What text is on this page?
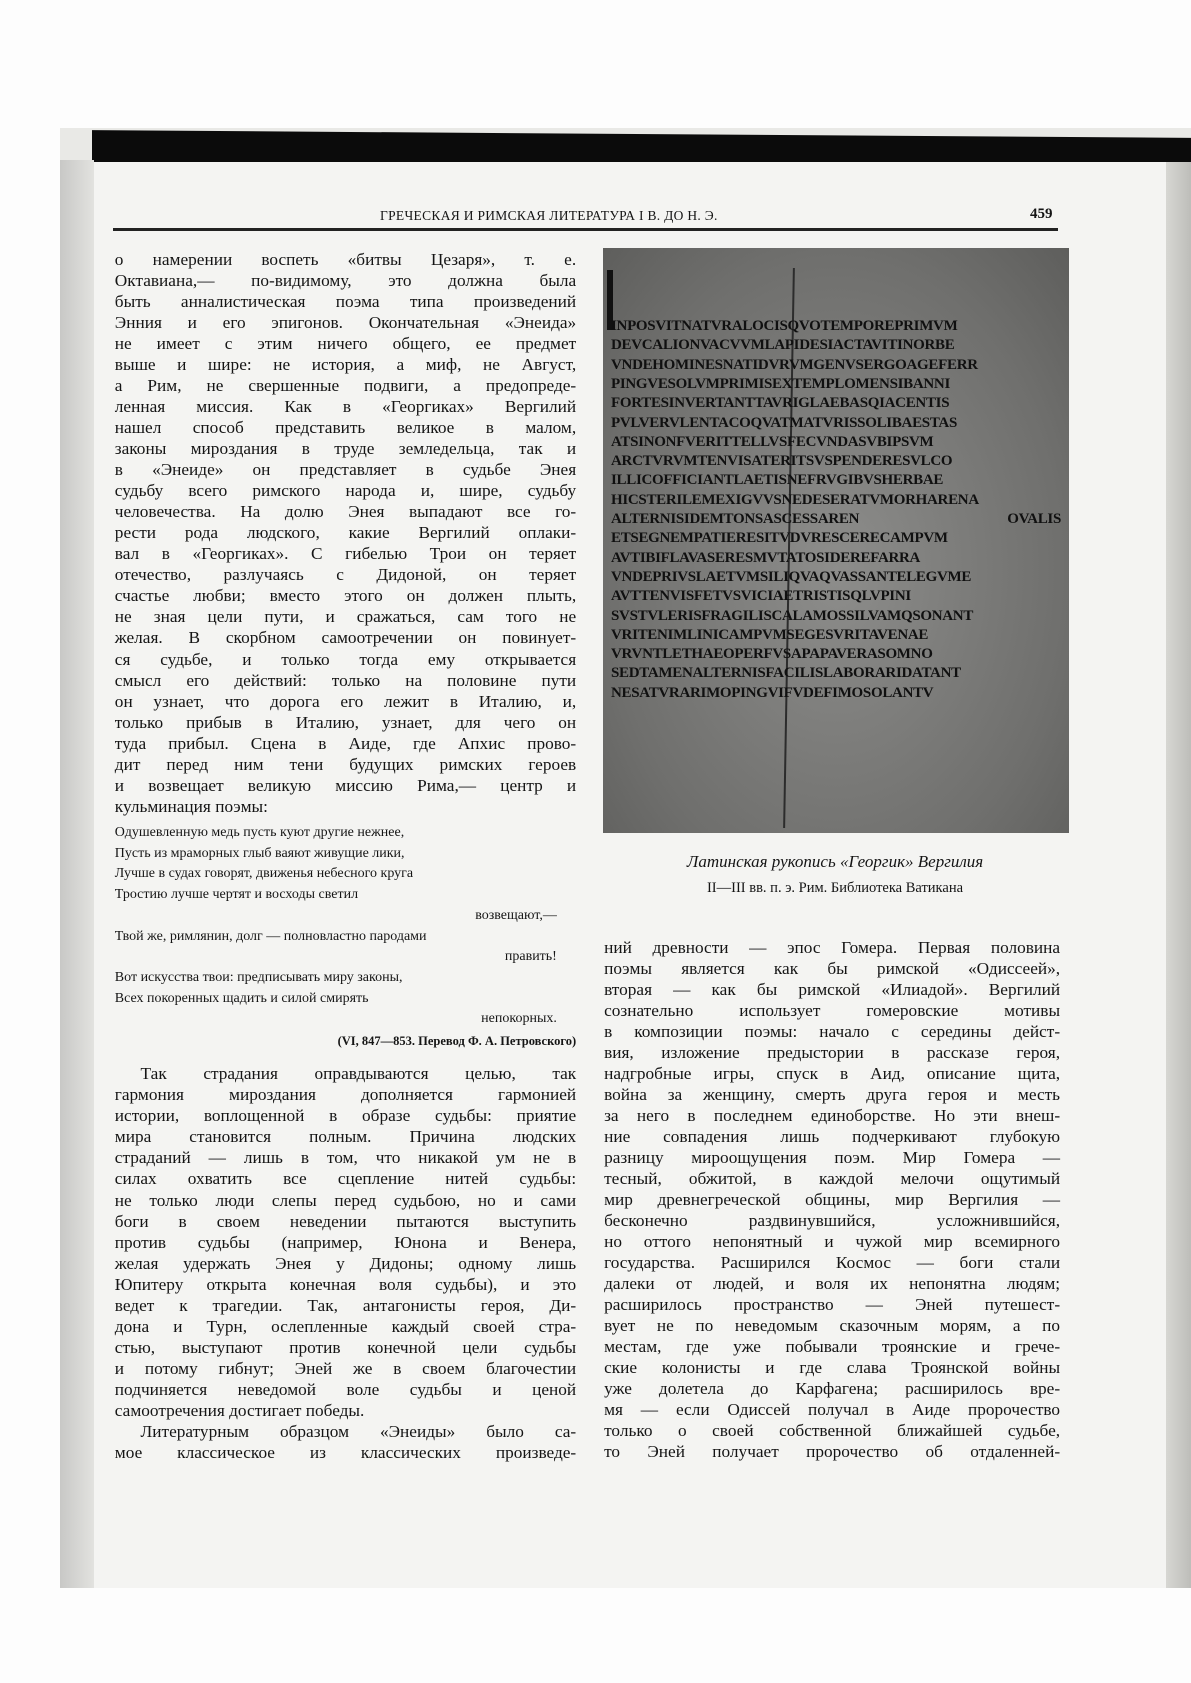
ГРЕЧЕСКАЯ И РИМСКАЯ ЛИТЕРАТУРА I В. ДО Н. Э.	459
о намерении воспеть «битвы Цезаря», т. е.
Октавиана,— по-видимому, это должна была
быть анналистическая поэма типа произведений
Энния и его эпигонов. Окончательная «Энеида»
не имеет с этим ничего общего, ее предмет
выше и шире: не история, а миф, не Август,
а Рим, не свершенные подвиги, а предопреде-
ленная миссия. Как в «Георгиках» Вергилий
нашел способ представить великое в малом,
законы мироздания в труде земледельца, так и
в «Энеиде» он представляет в судьбе Энея
судьбу всего римского народа и, шире, судьбу
человечества. На долю Энея выпадают все го-
рести рода людского, какие Вергилий оплаки-
вал в «Георгиках». С гибелью Трои он теряет
отечество, разлучаясь с Дидоной, он теряет
счастье любви; вместо этого он должен плыть,
не зная цели пути, и сражаться, сам того не
желая. В скорбном самоотречении он повинует-
ся судьбе, и только тогда ему открывается
смысл его действий: только на половине пути
он узнает, что дорога его лежит в Италию, и,
только прибыв в Италию, узнает, для чего он
туда прибыл. Сцена в Аиде, где Апхис прово-
дит перед ним тени будущих римских героев
и возвещает великую миссию Рима,— центр и
кульминация поэмы:
Одушевленную медь пусть куют другие нежнее,
Пусть из мраморных глыб ваяют живущие лики,
Лучше в судах говорят, движенья небесного круга
Тростию лучше чертят и восходы светил
возвещают,—
Твой же, римлянин, долг — полновластно пародами
править!
Вот искусства твои: предписывать миру законы,
Всех покоренных щадить и силой смирять
непокорных.
(VI, 847—853. Перевод Ф. А. Петровского)
Так страдания оправдываются целью, так
гармония мироздания дополняется гармонией
истории, воплощенной в образе судьбы: приятие
мира становится полным. Причина людских
страданий — лишь в том, что никакой ум не в
силах охватить все сцепление нитей судьбы:
не только люди слепы перед судьбою, но и сами
боги в своем неведении пытаются выступить
против судьбы (например, Юнона и Венера,
желая удержать Энея у Дидоны; одному лишь
Юпитеру открыта конечная воля судьбы), и это
ведет к трагедии. Так, антагонисты героя, Ди-
дона и Турн, ослепленные каждый своей стра-
стью, выступают против конечной цели судьбы
и потому гибнут; Эней же в своем благочестии
подчиняется неведомой воле судьбы и ценой
самоотречения достигает победы.
Литературным образцом «Энеиды» было са-
мое классическое из классических произведе-
ний древности — эпос Гомера. Первая половина
поэмы является как бы римской «Одиссеей»,
вторая — как бы римской «Илиадой». Вергилий
сознательно использует гомеровские мотивы
в композиции поэмы: начало с середины дейст-
вия, изложение предыстории в рассказе героя,
надгробные игры, спуск в Аид, описание щита,
война за женщину, смерть друга героя и месть
за него в последнем единоборстве. Но эти внеш-
ние совпадения лишь подчеркивают глубокую
разницу мироощущения поэм. Мир Гомера —
тесный, обжитой, в каждой мелочи ощутимый
мир древнегреческой общины, мир Вергилия —
бесконечно раздвинувшийся, усложнившийся,
но оттого непонятный и чужой мир всемирного
государства. Расширился Космос — боги стали
далеки от людей, и воля их непонятна людям;
расширилось пространство — Эней путешест-
вует не по неведомым сказочным морям, а по
местам, где уже побывали троянские и грече-
ские колонисты и где слава Троянской войны
уже долетела до Карфагена; расширилось вре-
мя — если Одиссей получал в Аиде пророчество
только о своей собственной ближайшей судьбе,
то Эней получает пророчество об отдаленней-
INPOSVITNATVRALOCISQVOTEMPOREPRIMVM
DEVCALIONVACVVMLAPIDESIACTAVITINORBE
VNDEHOMINESNATIDVRVMGENVSERGOAGEFERR
PINGVESOLVMPRIMISEXTEMPLOMENSIBANNI
FORTESINVERTANTTAVRIGLAEBASQIACENTIS
PVLVERVLENTACOQVATMATVRISSOLIBAESTAS
ATSINONFVERITTELLVSFECVNDASVBIPSVM
ARCTVRVMTENVISATERITSVSPENDERESVLCO
ILLICOFFICIANTLAETISNEFRVGIBVSHERBAE
HICSTERILEMEXIGVVSNEDESERATVMORHARENA
ALTERNISIDEMTONSASCESSAREN OVALIS
ETSEGNEMPATIERESITVDVRESCERECAMPVM
AVTIBIFLAVASERESMVTATOSIDEREFARRA
VNDEPRIVSLAETVMSILIQVAQVASSANTELEGVME
AVTTENVISFETVSVICIAETRISTISQLVPINI
SVSTVLERISFRAGILISCALAMOSSILVAMQSONANT
VRITENIMLINICAMPVMSEGESVRITAVENAE
VRVNTLETHAEOPERFVSAPAPAVERASOMNO
SEDTAMENALTERNISFACILISLABORARIDATANT
NESATVRARIMOPINGVIFVDEFIMOSOLANTV
Латинская рукопись «Георгик» Вергилия
II—III вв. п. э. Рим. Библиотека Ватикана
